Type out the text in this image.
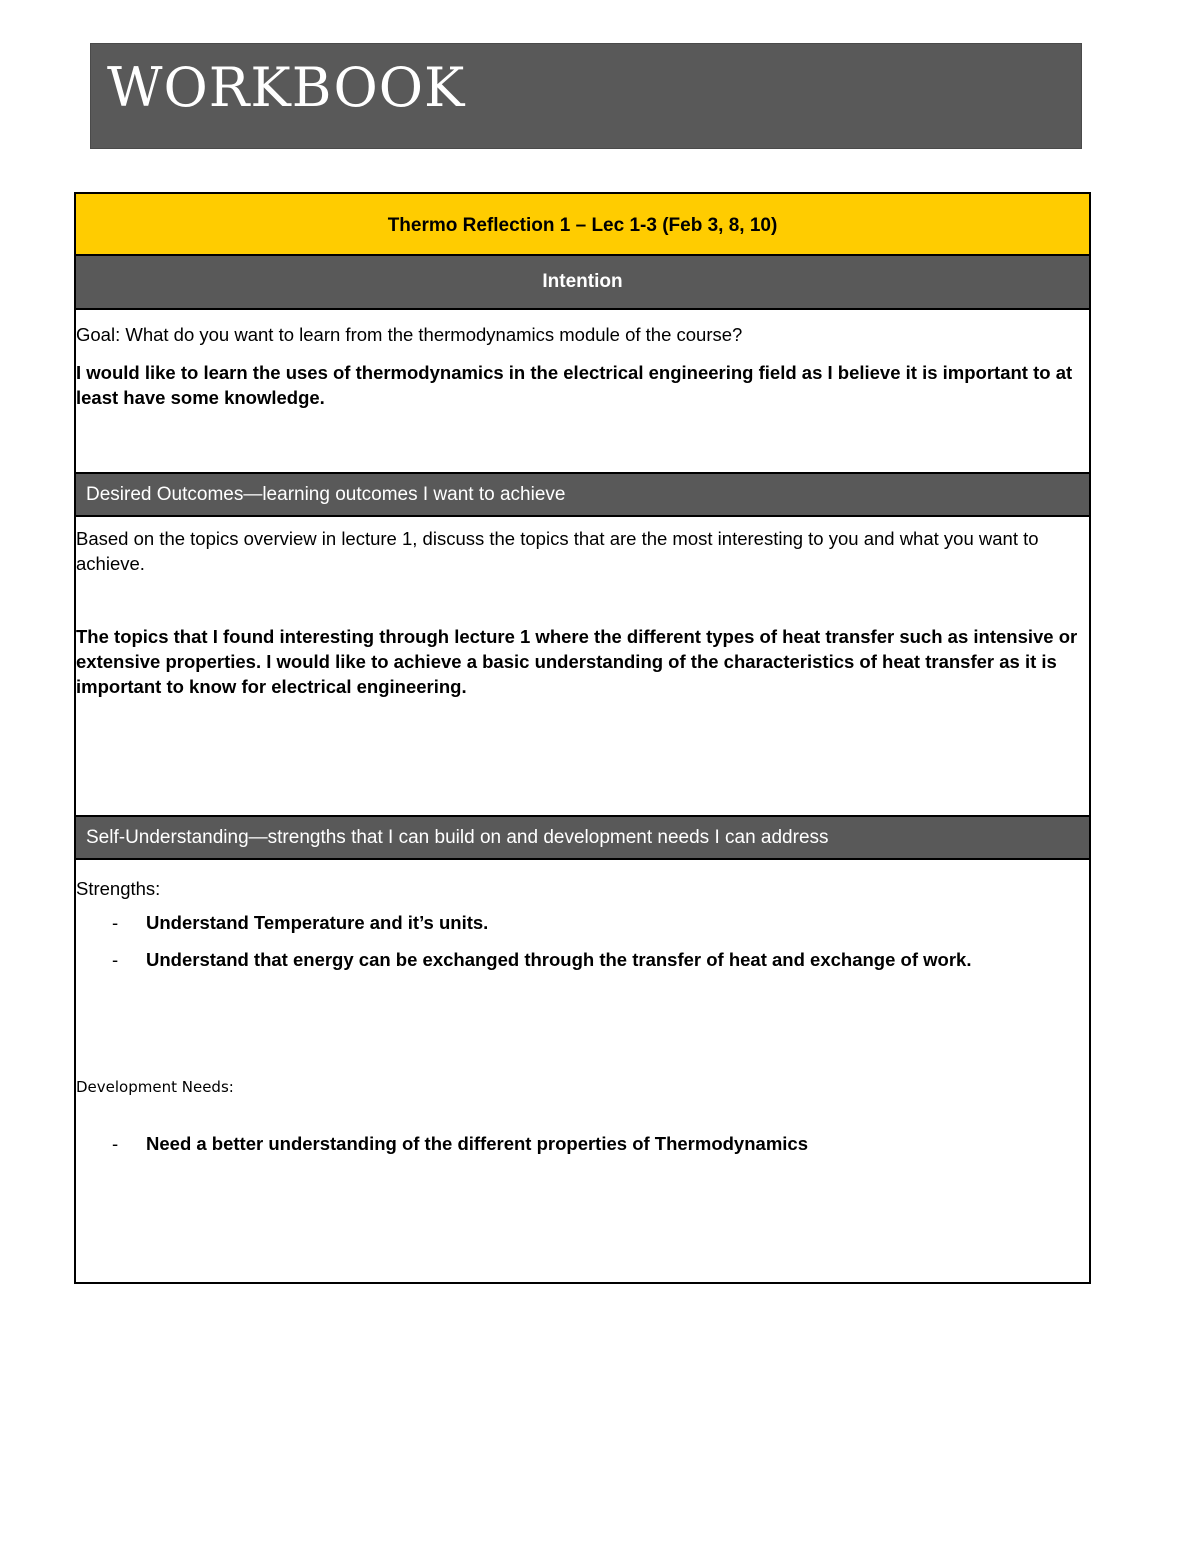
WORKBOOK
Thermo Reflection 1 – Lec 1-3 (Feb 3, 8, 10)
Intention
Goal: What do you want to learn from the thermodynamics module of the course?
I would like to learn the uses of thermodynamics in the electrical engineering field as I believe it is important to at least have some knowledge.
Desired Outcomes—learning outcomes I want to achieve
Based on the topics overview in lecture 1, discuss the topics that are the most interesting to you and what you want to achieve.
The topics that I found interesting through lecture 1 where the different types of heat transfer such as intensive or extensive properties. I would like to achieve a basic understanding of the characteristics of heat transfer as it is important to know for electrical engineering.
Self-Understanding—strengths that I can build on and development needs I can address
Strengths:
- Understand Temperature and it’s units.
- Understand that energy can be exchanged through the transfer of heat and exchange of work.
Development Needs:
- Need a better understanding of the different properties of Thermodynamics
